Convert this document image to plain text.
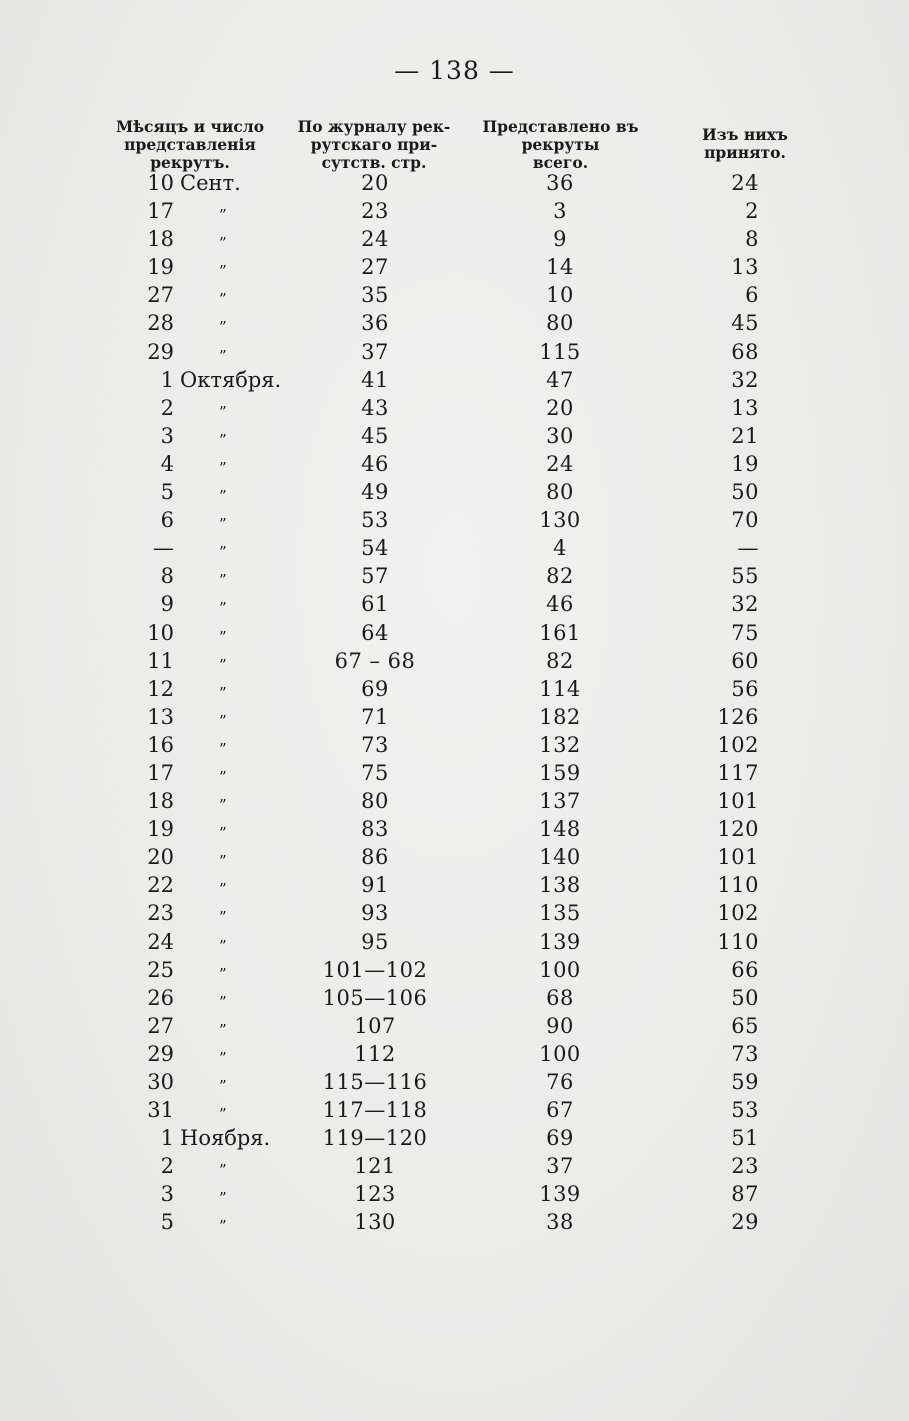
— 138 —
Мѣсяцъ и число
представленія
рекрутъ.
По журналу рек-
рутскаго при-
сутств. стр.
Представлено въ
рекруты
всего.
Изъ нихъ
принято.
10 Сент.	20	36	24
17	”	23	3	2
18	”	24	9	8
19	”	27	14	13
27	”	35	10	6
28	”	36	80	45
29	”	37	115	68
1 Октября.	41	47	32
2	”	43	20	13
3	”	45	30	21
4	”	46	24	19
5	”	49	80	50
6	”	53	130	70
—	”	54	4	—
8	”	57	82	55
9	”	61	46	32
10	”	64	161	75
11	”	67 – 68	82	60
12	”	69	114	56
13	”	71	182	126
16	”	73	132	102
17	”	75	159	117
18	”	80	137	101
19	”	83	148	120
20	”	86	140	101
22	”	91	138	110
23	”	93	135	102
24	”	95	139	110
25	”	101—102	100	66
26	”	105—106	68	50
27	”	107	90	65
29	”	112	100	73
30	”	115—116	76	59
31	”	117—118	67	53
1 Ноября.	119—120	69	51
2	”	121	37	23
3	”	123	139	87
5	”	130	38	29
